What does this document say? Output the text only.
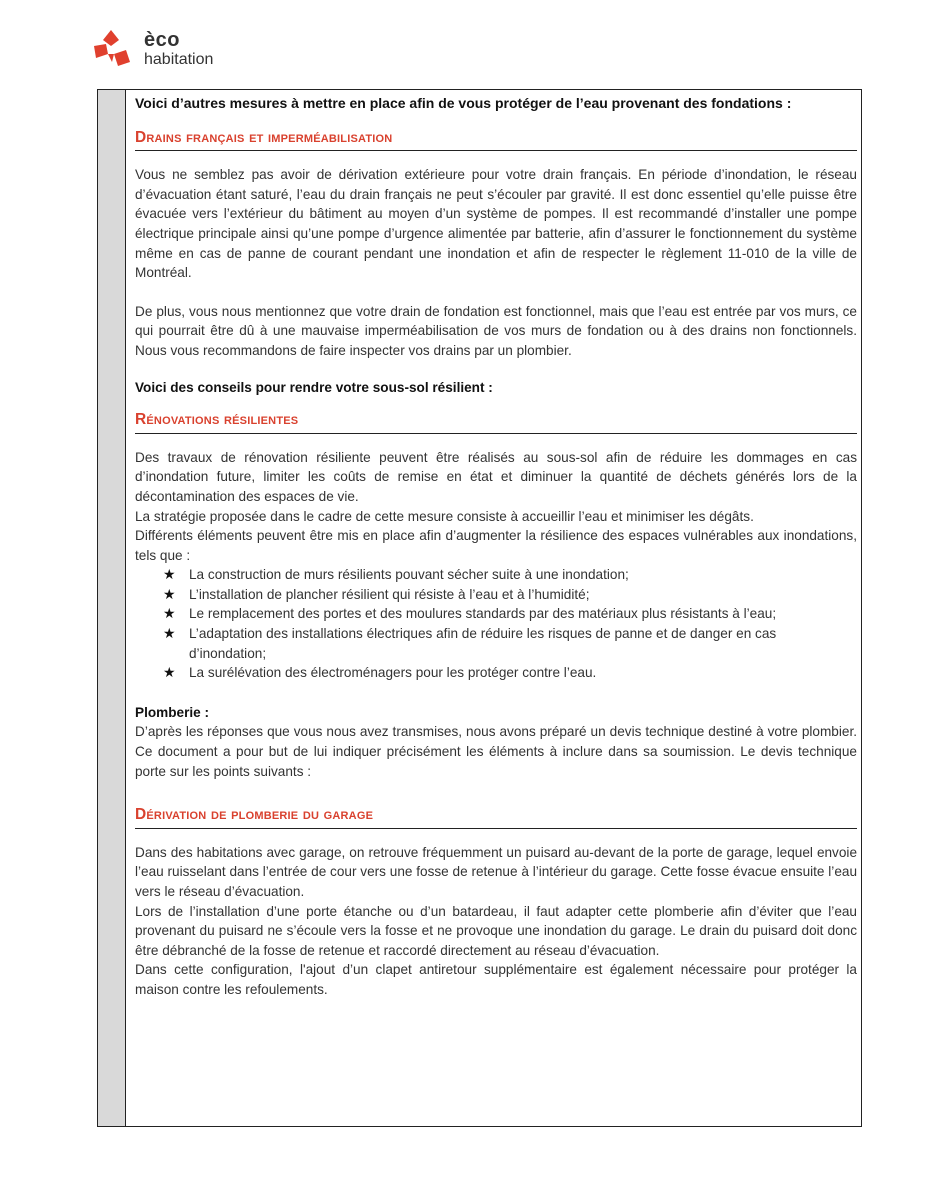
èco
habitation

Voici d’autres mesures à mettre en place afin de vous protéger de l’eau provenant des fondations :

Drains français et imperméabilisation

Vous ne semblez pas avoir de dérivation extérieure pour votre drain français. En période d’inondation, le réseau d’évacuation étant saturé, l’eau du drain français ne peut s’écouler par gravité. Il est donc essentiel qu’elle puisse être évacuée vers l’extérieur du bâtiment au moyen d’un système de pompes. Il est recommandé d’installer une pompe électrique principale ainsi qu’une pompe d’urgence alimentée par batterie, afin d’assurer le fonctionnement du système même en cas de panne de courant pendant une inondation et afin de respecter le règlement 11-010 de la ville de Montréal.

De plus, vous nous mentionnez que votre drain de fondation est fonctionnel, mais que l’eau est entrée par vos murs, ce qui pourrait être dû à une mauvaise imperméabilisation de vos murs de fondation ou à des drains non fonctionnels. Nous vous recommandons de faire inspecter vos drains par un plombier.

Voici des conseils pour rendre votre sous-sol résilient :

Rénovations résilientes

Des travaux de rénovation résiliente peuvent être réalisés au sous-sol afin de réduire les dommages en cas d’inondation future, limiter les coûts de remise en état et diminuer la quantité de déchets générés lors de la décontamination des espaces de vie.

La stratégie proposée dans le cadre de cette mesure consiste à accueillir l’eau et minimiser les dégâts.

Différents éléments peuvent être mis en place afin d’augmenter la résilience des espaces vulnérables aux inondations, tels que :

★ La construction de murs résilients pouvant sécher suite à une inondation;
★ L’installation de plancher résilient qui résiste à l’eau et à l’humidité;
★ Le remplacement des portes et des moulures standards par des matériaux plus résistants à l’eau;
★ L’adaptation des installations électriques afin de réduire les risques de panne et de danger en cas d’inondation;
★ La surélévation des électroménagers pour les protéger contre l’eau.

Plomberie :

D’après les réponses que vous nous avez transmises, nous avons préparé un devis technique destiné à votre plombier. Ce document a pour but de lui indiquer précisément les éléments à inclure dans sa soumission. Le devis technique porte sur les points suivants :

Dérivation de plomberie du garage

Dans des habitations avec garage, on retrouve fréquemment un puisard au-devant de la porte de garage, lequel envoie l’eau ruisselant dans l’entrée de cour vers une fosse de retenue à l’intérieur du garage. Cette fosse évacue ensuite l’eau vers le réseau d’évacuation.

Lors de l’installation d’une porte étanche ou d’un batardeau, il faut adapter cette plomberie afin d’éviter que l’eau provenant du puisard ne s’écoule vers la fosse et ne provoque une inondation du garage. Le drain du puisard doit donc être débranché de la fosse de retenue et raccordé directement au réseau d’évacuation.

Dans cette configuration, l'ajout d’un clapet antiretour supplémentaire est également nécessaire pour protéger la maison contre les refoulements.
